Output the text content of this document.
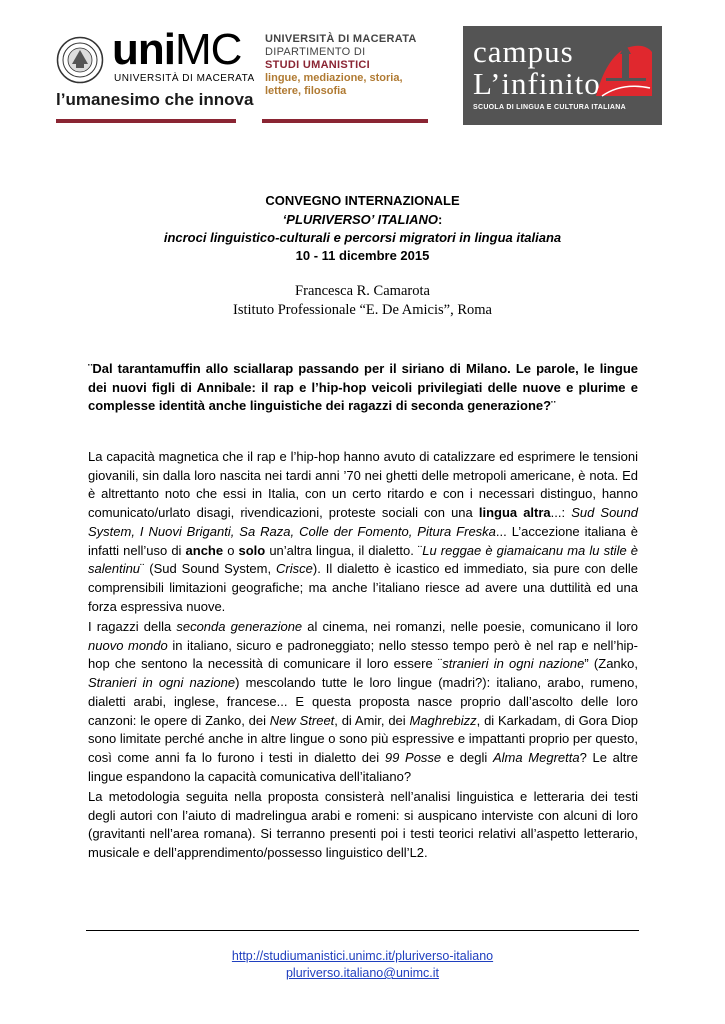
uniMC
UNIVERSITÀ DI MACERATA
l’umanesimo che innova
UNIVERSITÀ DI MACERATA
DIPARTIMENTO DI
STUDI UMANISTICI
lingue, mediazione, storia,
lettere, filosofia
campus
L’infinito
SCUOLA DI LINGUA E CULTURA ITALIANA
CONVEGNO INTERNAZIONALE
‘PLURIVERSO’ ITALIANO:
incroci linguistico-culturali e percorsi migratori in lingua italiana
10 - 11 dicembre 2015
Francesca R. Camarota
Istituto Professionale “E. De Amicis”, Roma
¨Dal tarantamuffin allo sciallarap passando per il siriano di Milano. Le parole, le lingue dei nuovi figli di Annibale: il rap e l’hip-hop veicoli privilegiati delle nuove e plurime e complesse identità anche linguistiche dei ragazzi di seconda generazione?¨

La capacità magnetica che il rap e l’hip-hop hanno avuto di catalizzare ed esprimere le tensioni giovanili, sin dalla loro nascita nei tardi anni ’70 nei ghetti delle metropoli americane, è nota. Ed è altrettanto noto che essi in Italia, con un certo ritardo e con i necessari distinguo, hanno comunicato/urlato disagi, rivendicazioni, proteste sociali con una lingua altra...: Sud Sound System, I Nuovi Briganti, Sa Raza, Colle der Fomento, Pitura Freska... L’accezione italiana è infatti nell’uso di anche o solo un’altra lingua, il dialetto. ¨Lu reggae è giamaicanu ma lu stile è salentinu¨ (Sud Sound System, Crisce). Il dialetto è icastico ed immediato, sia pure con delle comprensibili limitazioni geografiche; ma anche l’italiano riesce ad avere una duttilità ed una forza espressiva nuove.

I ragazzi della seconda generazione al cinema, nei romanzi, nelle poesie, comunicano il loro nuovo mondo in italiano, sicuro e padroneggiato; nello stesso tempo però è nel rap e nell’hip-hop che sentono la necessità di comunicare il loro essere ¨stranieri in ogni nazione” (Zanko, Stranieri in ogni nazione) mescolando tutte le loro lingue (madri?): italiano, arabo, rumeno, dialetti arabi, inglese, francese... E questa proposta nasce proprio dall’ascolto delle loro canzoni: le opere di Zanko, dei New Street, di Amir, dei Maghrebizz, di Karkadam, di Gora Diop sono limitate perché anche in altre lingue o sono più espressive e impattanti proprio per questo, così come anni fa lo furono i testi in dialetto dei 99 Posse e degli Alma Megretta? Le altre lingue espandono la capacità comunicativa dell’italiano?

La metodologia seguita nella proposta consisterà nell’analisi linguistica e letteraria dei testi degli autori con l’aiuto di madrelingua arabi e romeni: si auspicano interviste con alcuni di loro (gravitanti nell’area romana). Si terranno presenti poi i testi teorici relativi all’aspetto letterario, musicale e dell’apprendimento/possesso linguistico dell’L2.
http://studiumanistici.unimc.it/pluriverso-italiano
pluriverso.italiano@unimc.it
